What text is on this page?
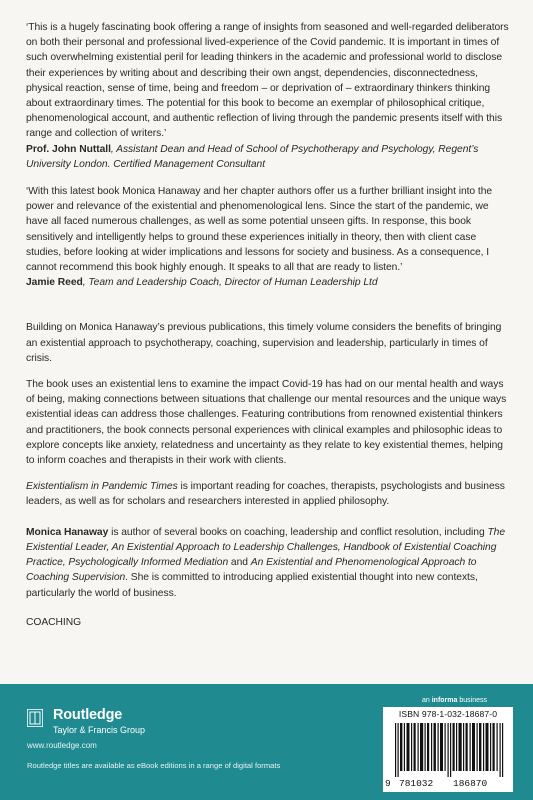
‘This is a hugely fascinating book offering a range of insights from seasoned and well-regarded deliberators on both their personal and professional lived-experience of the Covid pandemic. It is important in times of such overwhelming existential peril for leading thinkers in the academic and professional world to disclose their experiences by writing about and describing their own angst, dependencies, disconnectedness, physical reaction, sense of time, being and freedom – or deprivation of – extraordinary thinkers thinking about extraordinary times. The potential for this book to become an exemplar of philosophical critique, phenomenological account, and authentic reflection of living through the pandemic presents itself with this range and collection of writers.’

Prof. John Nuttall, Assistant Dean and Head of School of Psychotherapy and Psychology, Regent’s University London. Certified Management Consultant

‘With this latest book Monica Hanaway and her chapter authors offer us a further brilliant insight into the power and relevance of the existential and phenomenological lens. Since the start of the pandemic, we have all faced numerous challenges, as well as some potential unseen gifts. In response, this book sensitively and intelligently helps to ground these experiences initially in theory, then with client case studies, before looking at wider implications and lessons for society and business. As a consequence, I cannot recommend this book highly enough. It speaks to all that are ready to listen.’

Jamie Reed, Team and Leadership Coach, Director of Human Leadership Ltd

Building on Monica Hanaway’s previous publications, this timely volume considers the benefits of bringing an existential approach to psychotherapy, coaching, supervision and leadership, particularly in times of crisis.

The book uses an existential lens to examine the impact Covid-19 has had on our mental health and ways of being, making connections between situations that challenge our mental resources and the unique ways existential ideas can address those challenges. Featuring contributions from renowned existential thinkers and practitioners, the book connects personal experiences with clinical examples and philosophic ideas to explore concepts like anxiety, relatedness and uncertainty as they relate to key existential themes, helping to inform coaches and therapists in their work with clients.

Existentialism in Pandemic Times is important reading for coaches, therapists, psychologists and business leaders, as well as for scholars and researchers interested in applied philosophy.

Monica Hanaway is author of several books on coaching, leadership and conflict resolution, including The Existential Leader, An Existential Approach to Leadership Challenges, Handbook of Existential Coaching Practice, Psychologically Informed Mediation and An Existential and Phenomenological Approach to Coaching Supervision. She is committed to introducing applied existential thought into new contexts, particularly the world of business.

COACHING

Routledge
Taylor & Francis Group
www.routledge.com
Routledge titles are available as eBook editions in a range of digital formats
an informa business
ISBN 978-1-032-18687-0
9 781032 186870
